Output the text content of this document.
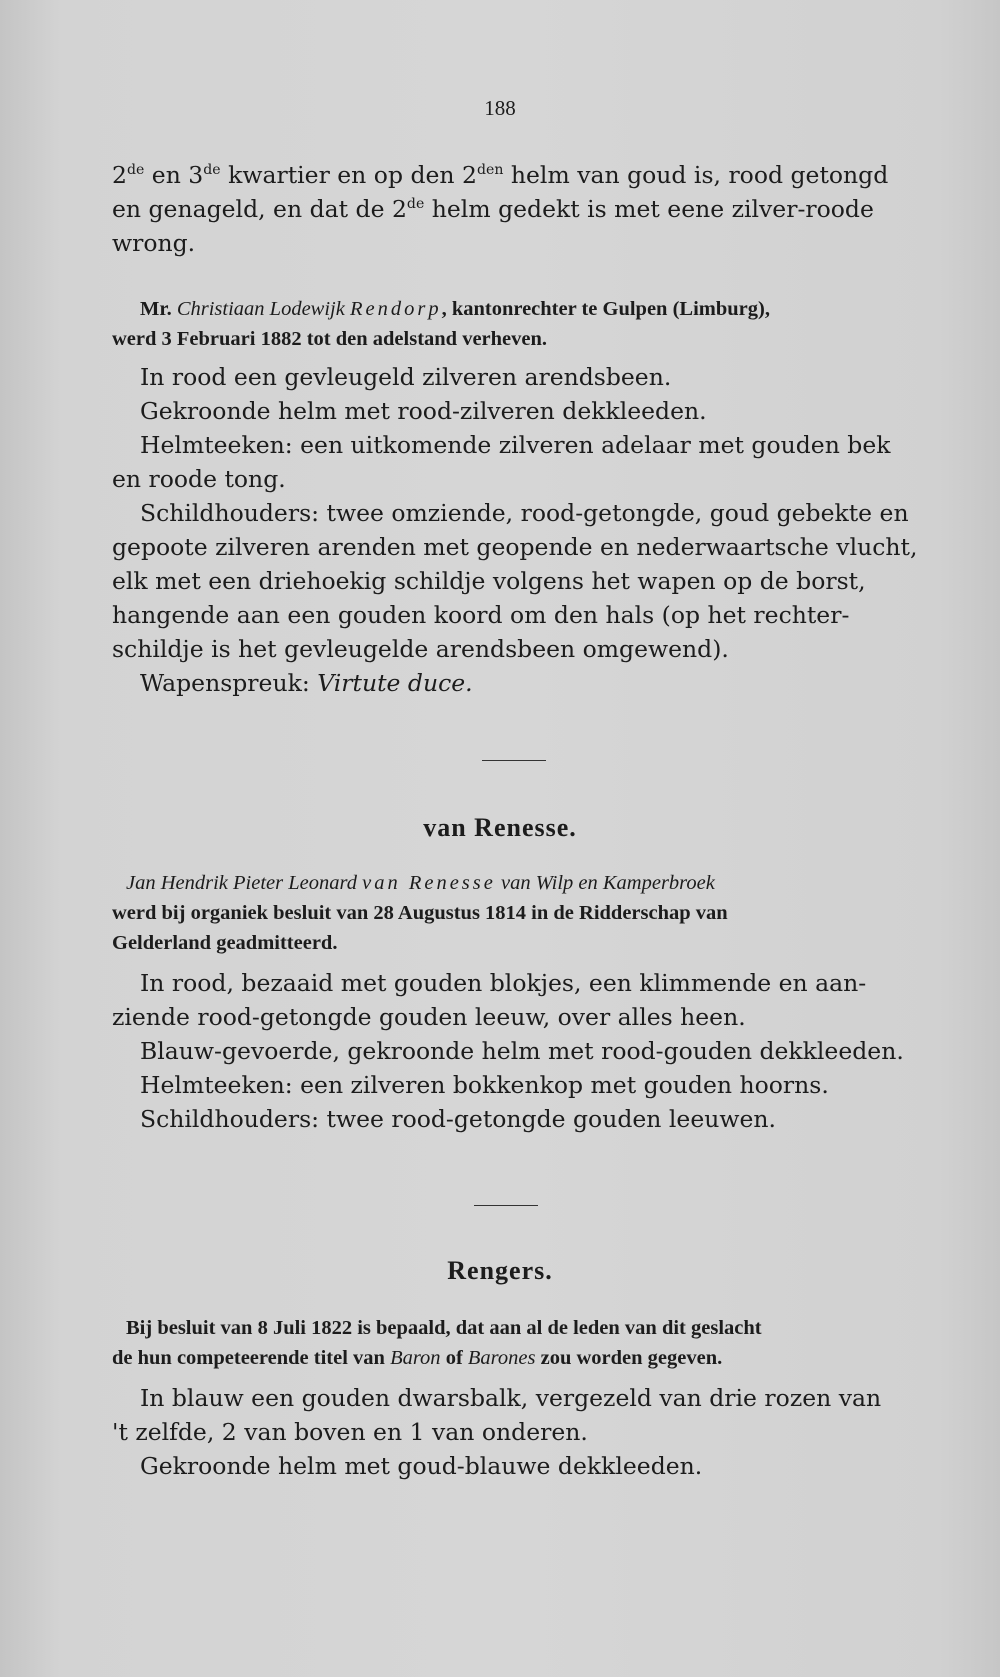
188

2de en 3de kwartier en op den $2^{den}$ helm van goud is, rood getongd

en genageld, en dat de 2de helm gedekt is met eene zilver-roode

wrong.

Mr. Christiaan Lodewijk Rendorp, kantonrechter te Gulpen (Limburg),

werd 3 Februari 1882 tot den adelstand verheven.

In rood een gevleugeld zilveren arendsbeen.

Gekroonde helm met rood-zilveren dekkleeden.

Helmteeken: een uitkomende zilveren adelaar met gouden bek

en roode tong.

Schildhouders: twee omziende, rood-getongde, goud gebekte en

gepoote zilveren arenden met geopende en nederwaartsche vlucht,

elk met een driehoekig schildje volgens het wapen op de borst,

hangende aan een gouden koord om den hals (op het rechter-

schildje is het gevleugelde arendsbeen omgewend).

Wapenspreuk: Virtute duce.

van Renesse.

Jan Hendrik Pieter Leonard van Renesse van Wilp en Kamperbroek

werd bij organiek besluit van 28 Augustus 1814 in de Ridderschap van

Gelderland geadmitteerd.

In rood, bezaaid met gouden blokjes, een klimmende en aan-

ziende rood-getongde gouden leeuw, over alles heen.

Blauw-gevoerde, gekroonde helm met rood-gouden dekkleeden.

Helmteeken: een zilveren bokkenkop met gouden hoorns.

Schildhouders: twee rood-getongde gouden leeuwen.

Rengers.

Bij besluit van 8 Juli 1822 is bepaald, dat aan al de leden van dit geslacht

de hun competeerende titel van Baron of Barones zou worden gegeven.

In blauw een gouden dwarsbalk, vergezeld van drie rozen van

't zelfde, 2 van boven en 1 van onderen.

Gekroonde helm met goud-blauwe dekkleeden.
